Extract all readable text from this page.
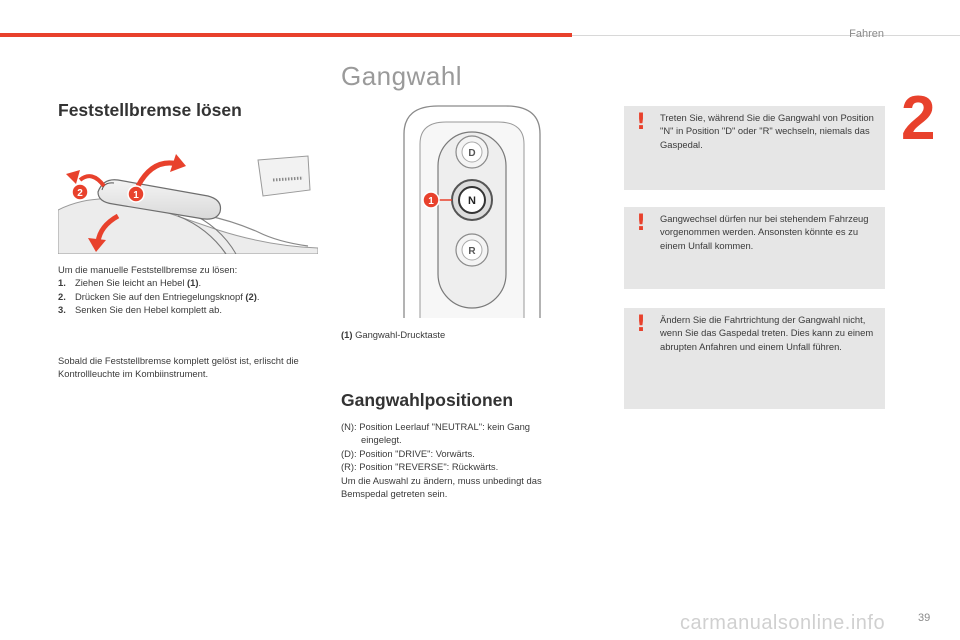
Fahren
2
Gangwahl
Feststellbremse lösen
2	1
Um die manuelle Feststellbremse zu lösen:
1. Ziehen Sie leicht an Hebel (1).
2. Drücken Sie auf den Entriegelungsknopf (2).
3. Senken Sie den Hebel komplett ab.
Sobald die Feststellbremse komplett gelöst ist, erlischt die Kontrollleuchte im Kombiinstrument.
D
N
R
1
(1) Gangwahl-Drucktaste
Gangwahlpositionen
(N): Position Leerlauf "NEUTRAL": kein Gang
eingelegt.
(D): Position "DRIVE": Vorwärts.
(R): Position "REVERSE": Rückwärts.
Um die Auswahl zu ändern, muss unbedingt das Bemspedal getreten sein.
! Treten Sie, während Sie die Gangwahl von Position "N" in Position "D" oder "R" wechseln, niemals das Gaspedal.
! Gangwechsel dürfen nur bei stehendem Fahrzeug vorgenommen werden. Ansonsten könnte es zu einem Unfall kommen.
! Ändern Sie die Fahrtrichtung der Gangwahl nicht, wenn Sie das Gaspedal treten. Dies kann zu einem abrupten Anfahren und einem Unfall führen.
carmanualsonline.info	39
